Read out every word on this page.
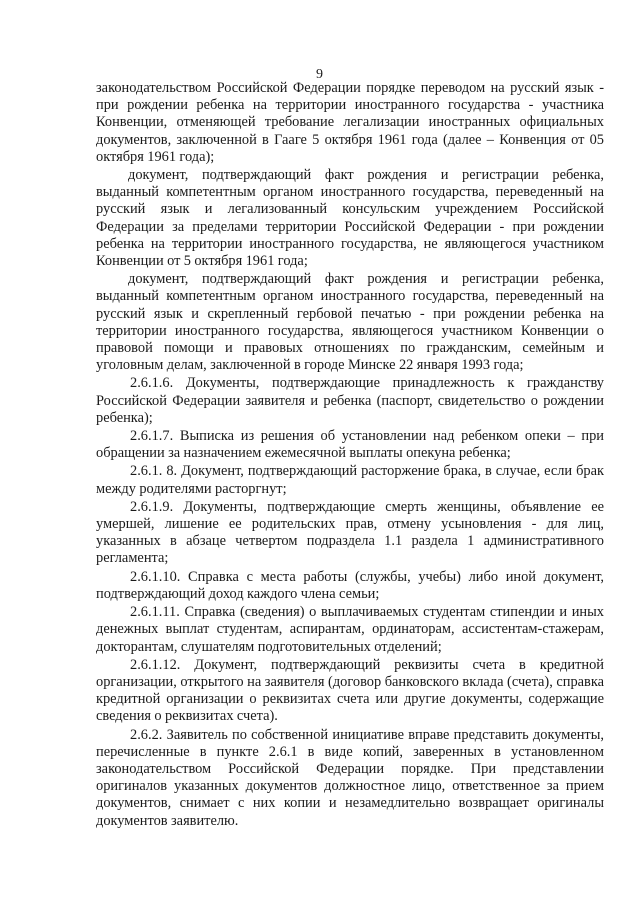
9

законодательством Российской Федерации порядке переводом на русский язык - при рождении ребенка на территории иностранного государства - участника Конвенции, отменяющей требование легализации иностранных официальных документов, заключенной в Гааге 5 октября 1961 года (далее – Конвенция от 05 октября 1961 года);

документ, подтверждающий факт рождения и регистрации ребенка, выданный компетентным органом иностранного государства, переведенный на русский язык и легализованный консульским учреждением Российской Федерации за пределами территории Российской Федерации - при рождении ребенка на территории иностранного государства, не являющегося участником Конвенции от 5 октября 1961 года;

документ, подтверждающий факт рождения и регистрации ребенка, выданный компетентным органом иностранного государства, переведенный на русский язык и скрепленный гербовой печатью - при рождении ребенка на территории иностранного государства, являющегося участником Конвенции о правовой помощи и правовых отношениях по гражданским, семейным и уголовным делам, заключенной в городе Минске 22 января 1993 года;

2.6.1.6. Документы, подтверждающие принадлежность к гражданству Российской Федерации заявителя и ребенка (паспорт, свидетельство о рождении ребенка);

2.6.1.7. Выписка из решения об установлении над ребенком опеки – при обращении за назначением ежемесячной выплаты опекуна ребенка;

2.6.1. 8. Документ, подтверждающий расторжение брака, в случае, если брак между родителями расторгнут;

2.6.1.9. Документы, подтверждающие смерть женщины, объявление ее умершей, лишение ее родительских прав, отмену усыновления - для лиц, указанных в абзаце четвертом подраздела 1.1 раздела 1 административного регламента;

2.6.1.10. Справка с места работы (службы, учебы) либо иной документ, подтверждающий доход каждого члена семьи;

2.6.1.11. Справка (сведения) о выплачиваемых студентам стипендии и иных денежных выплат студентам, аспирантам, ординаторам, ассистентам-стажерам, докторантам, слушателям подготовительных отделений;

2.6.1.12. Документ, подтверждающий реквизиты счета в кредитной организации, открытого на заявителя (договор банковского вклада (счета), справка кредитной организации о реквизитах счета или другие документы, содержащие сведения о реквизитах счета).

2.6.2. Заявитель по собственной инициативе вправе представить документы, перечисленные в пункте 2.6.1 в виде копий, заверенных в установленном законодательством Российской Федерации порядке. При представлении оригиналов указанных документов должностное лицо, ответственное за прием документов, снимает с них копии и незамедлительно возвращает оригиналы документов заявителю.
